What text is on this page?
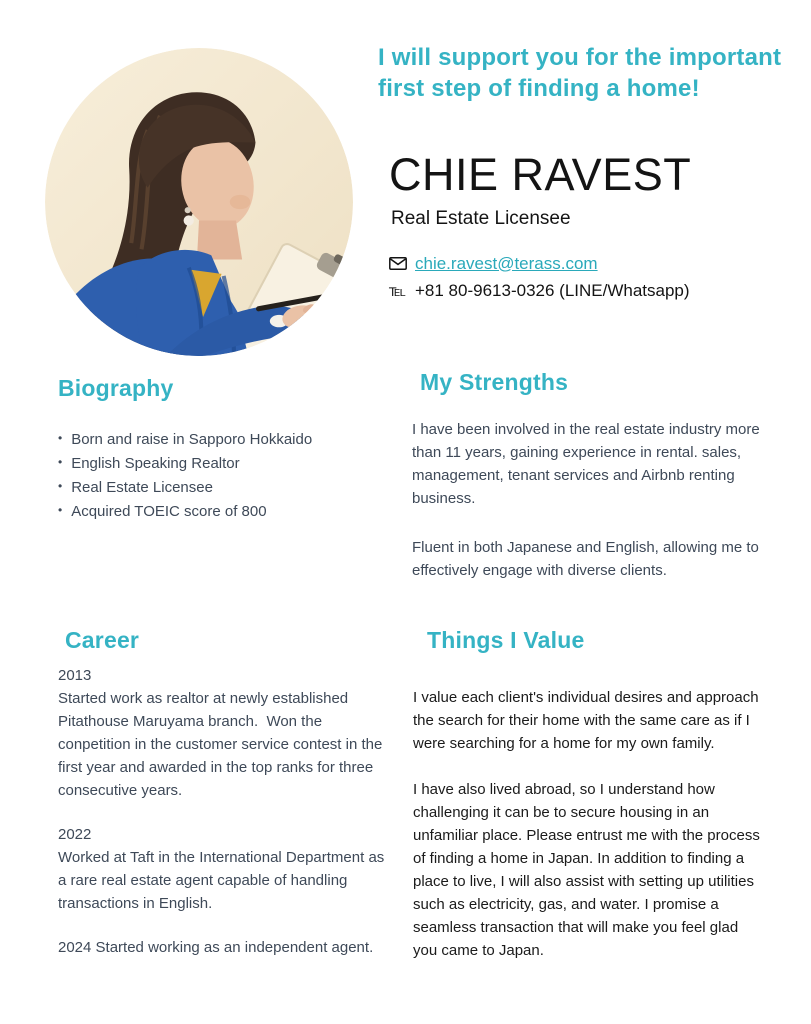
I will support you for the important
first step of finding a home!
CHIE RAVEST
Real Estate Licensee
chie.ravest@terass.com
℡ +81 80-9613-0326 (LINE/Whatsapp)
Biography
• Born and raise in Sapporo Hokkaido
• English Speaking Realtor
• Real Estate Licensee
• Acquired TOEIC score of 800
My Strengths

I have been involved in the real estate industry more than 11 years, gaining experience in rental. sales, management, tenant services and Airbnb renting business.

Fluent in both Japanese and English, allowing me to effectively engage with diverse clients.

Career
2013
Started work as realtor at newly established Pitathouse Maruyama branch.  Won the conpetition in the customer service contest in the first year and awarded in the top ranks for three consecutive years.
2022
Worked at Taft in the International Department as a rare real estate agent capable of handling transactions in English.
2024 Started working as an independent agent.
Things I Value

I value each client's individual desires and approach the search for their home with the same care as if I were searching for a home for my own family.

I have also lived abroad, so I understand how challenging it can be to secure housing in an unfamiliar place. Please entrust me with the process of finding a home in Japan. In addition to finding a place to live, I will also assist with setting up utilities such as electricity, gas, and water. I promise a seamless transaction that will make you feel glad you came to Japan.
